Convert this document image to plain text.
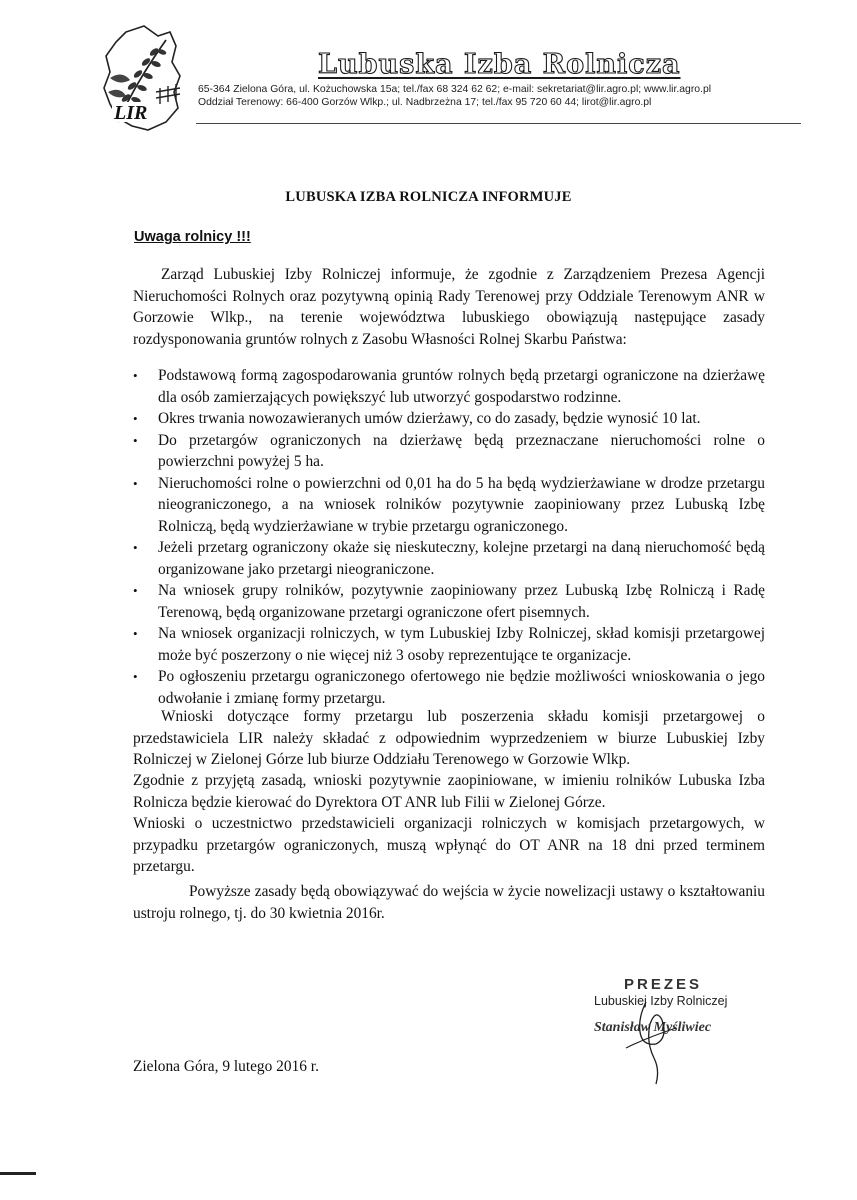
LIR
Lubuska Izba Rolnicza
65-364 Zielona Góra, ul. Kożuchowska 15a; tel./fax 68 324 62 62; e-mail: sekretariat@lir.agro.pl; www.lir.agro.pl
Oddział Terenowy: 66-400 Gorzów Wlkp.; ul. Nadbrzeżna 17; tel./fax 95 720 60 44; lirot@lir.agro.pl
LUBUSKA IZBA ROLNICZA INFORMUJE
Uwaga rolnicy !!!
Zarząd Lubuskiej Izby Rolniczej informuje, że zgodnie z Zarządzeniem Prezesa Agencji Nieruchomości Rolnych oraz pozytywną opinią Rady Terenowej przy Oddziale Terenowym ANR w Gorzowie Wlkp., na terenie województwa lubuskiego obowiązują następujące zasady rozdysponowania gruntów rolnych z Zasobu Własności Rolnej Skarbu Państwa:
• Podstawową formą zagospodarowania gruntów rolnych będą przetargi ograniczone na dzierżawę dla osób zamierzających powiększyć lub utworzyć gospodarstwo rodzinne.
• Okres trwania nowozawieranych umów dzierżawy, co do zasady, będzie wynosić 10 lat.
• Do przetargów ograniczonych na dzierżawę będą przeznaczane nieruchomości rolne o powierzchni powyżej 5 ha.
• Nieruchomości rolne o powierzchni od 0,01 ha do 5 ha będą wydzierżawiane w drodze przetargu nieograniczonego, a na wniosek rolników pozytywnie zaopiniowany przez Lubuską Izbę Rolniczą, będą wydzierżawiane w trybie przetargu ograniczonego.
• Jeżeli przetarg ograniczony okaże się nieskuteczny, kolejne przetargi na daną nieruchomość będą organizowane jako przetargi nieograniczone.
• Na wniosek grupy rolników, pozytywnie zaopiniowany przez Lubuską Izbę Rolniczą i Radę Terenową, będą organizowane przetargi ograniczone ofert pisemnych.
• Na wniosek organizacji rolniczych, w tym Lubuskiej Izby Rolniczej, skład komisji przetargowej może być poszerzony o nie więcej niż 3 osoby reprezentujące te organizacje.
• Po ogłoszeniu przetargu ograniczonego ofertowego nie będzie możliwości wnioskowania o jego odwołanie i zmianę formy przetargu.
Wnioski dotyczące formy przetargu lub poszerzenia składu komisji przetargowej o przedstawiciela LIR należy składać z odpowiednim wyprzedzeniem w biurze Lubuskiej Izby Rolniczej w Zielonej Górze lub biurze Oddziału Terenowego w Gorzowie Wlkp.
Zgodnie z przyjętą zasadą, wnioski pozytywnie zaopiniowane, w imieniu rolników Lubuska Izba Rolnicza będzie kierować do Dyrektora OT ANR lub Filii w Zielonej Górze.
Wnioski o uczestnictwo przedstawicieli organizacji rolniczych w komisjach przetargowych, w przypadku przetargów ograniczonych, muszą wpłynąć do OT ANR na 18 dni przed terminem przetargu.
Powyższe zasady będą obowiązywać do wejścia w życie nowelizacji ustawy o kształtowaniu ustroju rolnego, tj. do 30 kwietnia 2016r.
PREZES
Lubuskiej Izby Rolniczej
Stanisław Myśliwiec
Zielona Góra, 9 lutego 2016 r.
